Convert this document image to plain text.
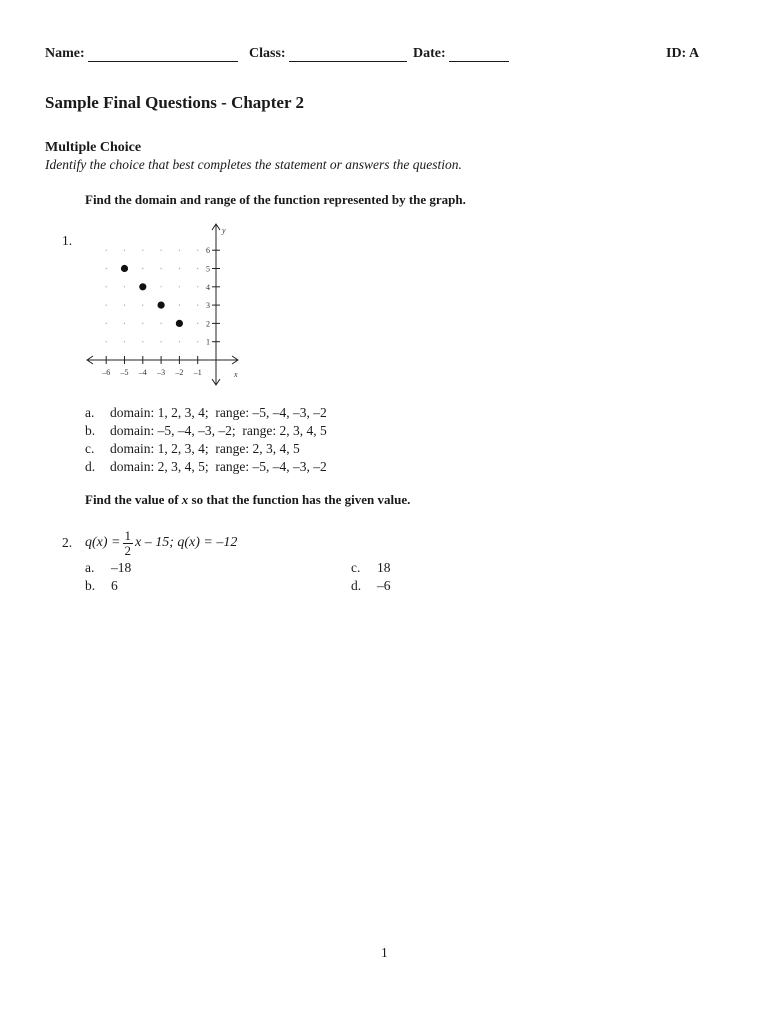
Name:	Class:	Date:	ID: A
Sample Final Questions - Chapter 2
Multiple Choice
Identify the choice that best completes the statement or answers the question.
Find the domain and range of the function represented by the graph.
1.
–6 –5 –4 –3 –2 –1
1
2
3
4
5
6
x
y
a. domain: 1, 2, 3, 4;  range: –5, –4, –3, –2
b. domain: –5, –4, –3, –2;  range: 2, 3, 4, 5
c. domain: 1, 2, 3, 4;  range: 2, 3, 4, 5
d. domain: 2, 3, 4, 5;  range: –5, –4, –3, –2
Find the value of x so that the function has the given value.
2. $q(x) = \frac{1}{2}$ x – 15; q(x) = –12
a. –18
b. 6
c. 18
d. –6
1
